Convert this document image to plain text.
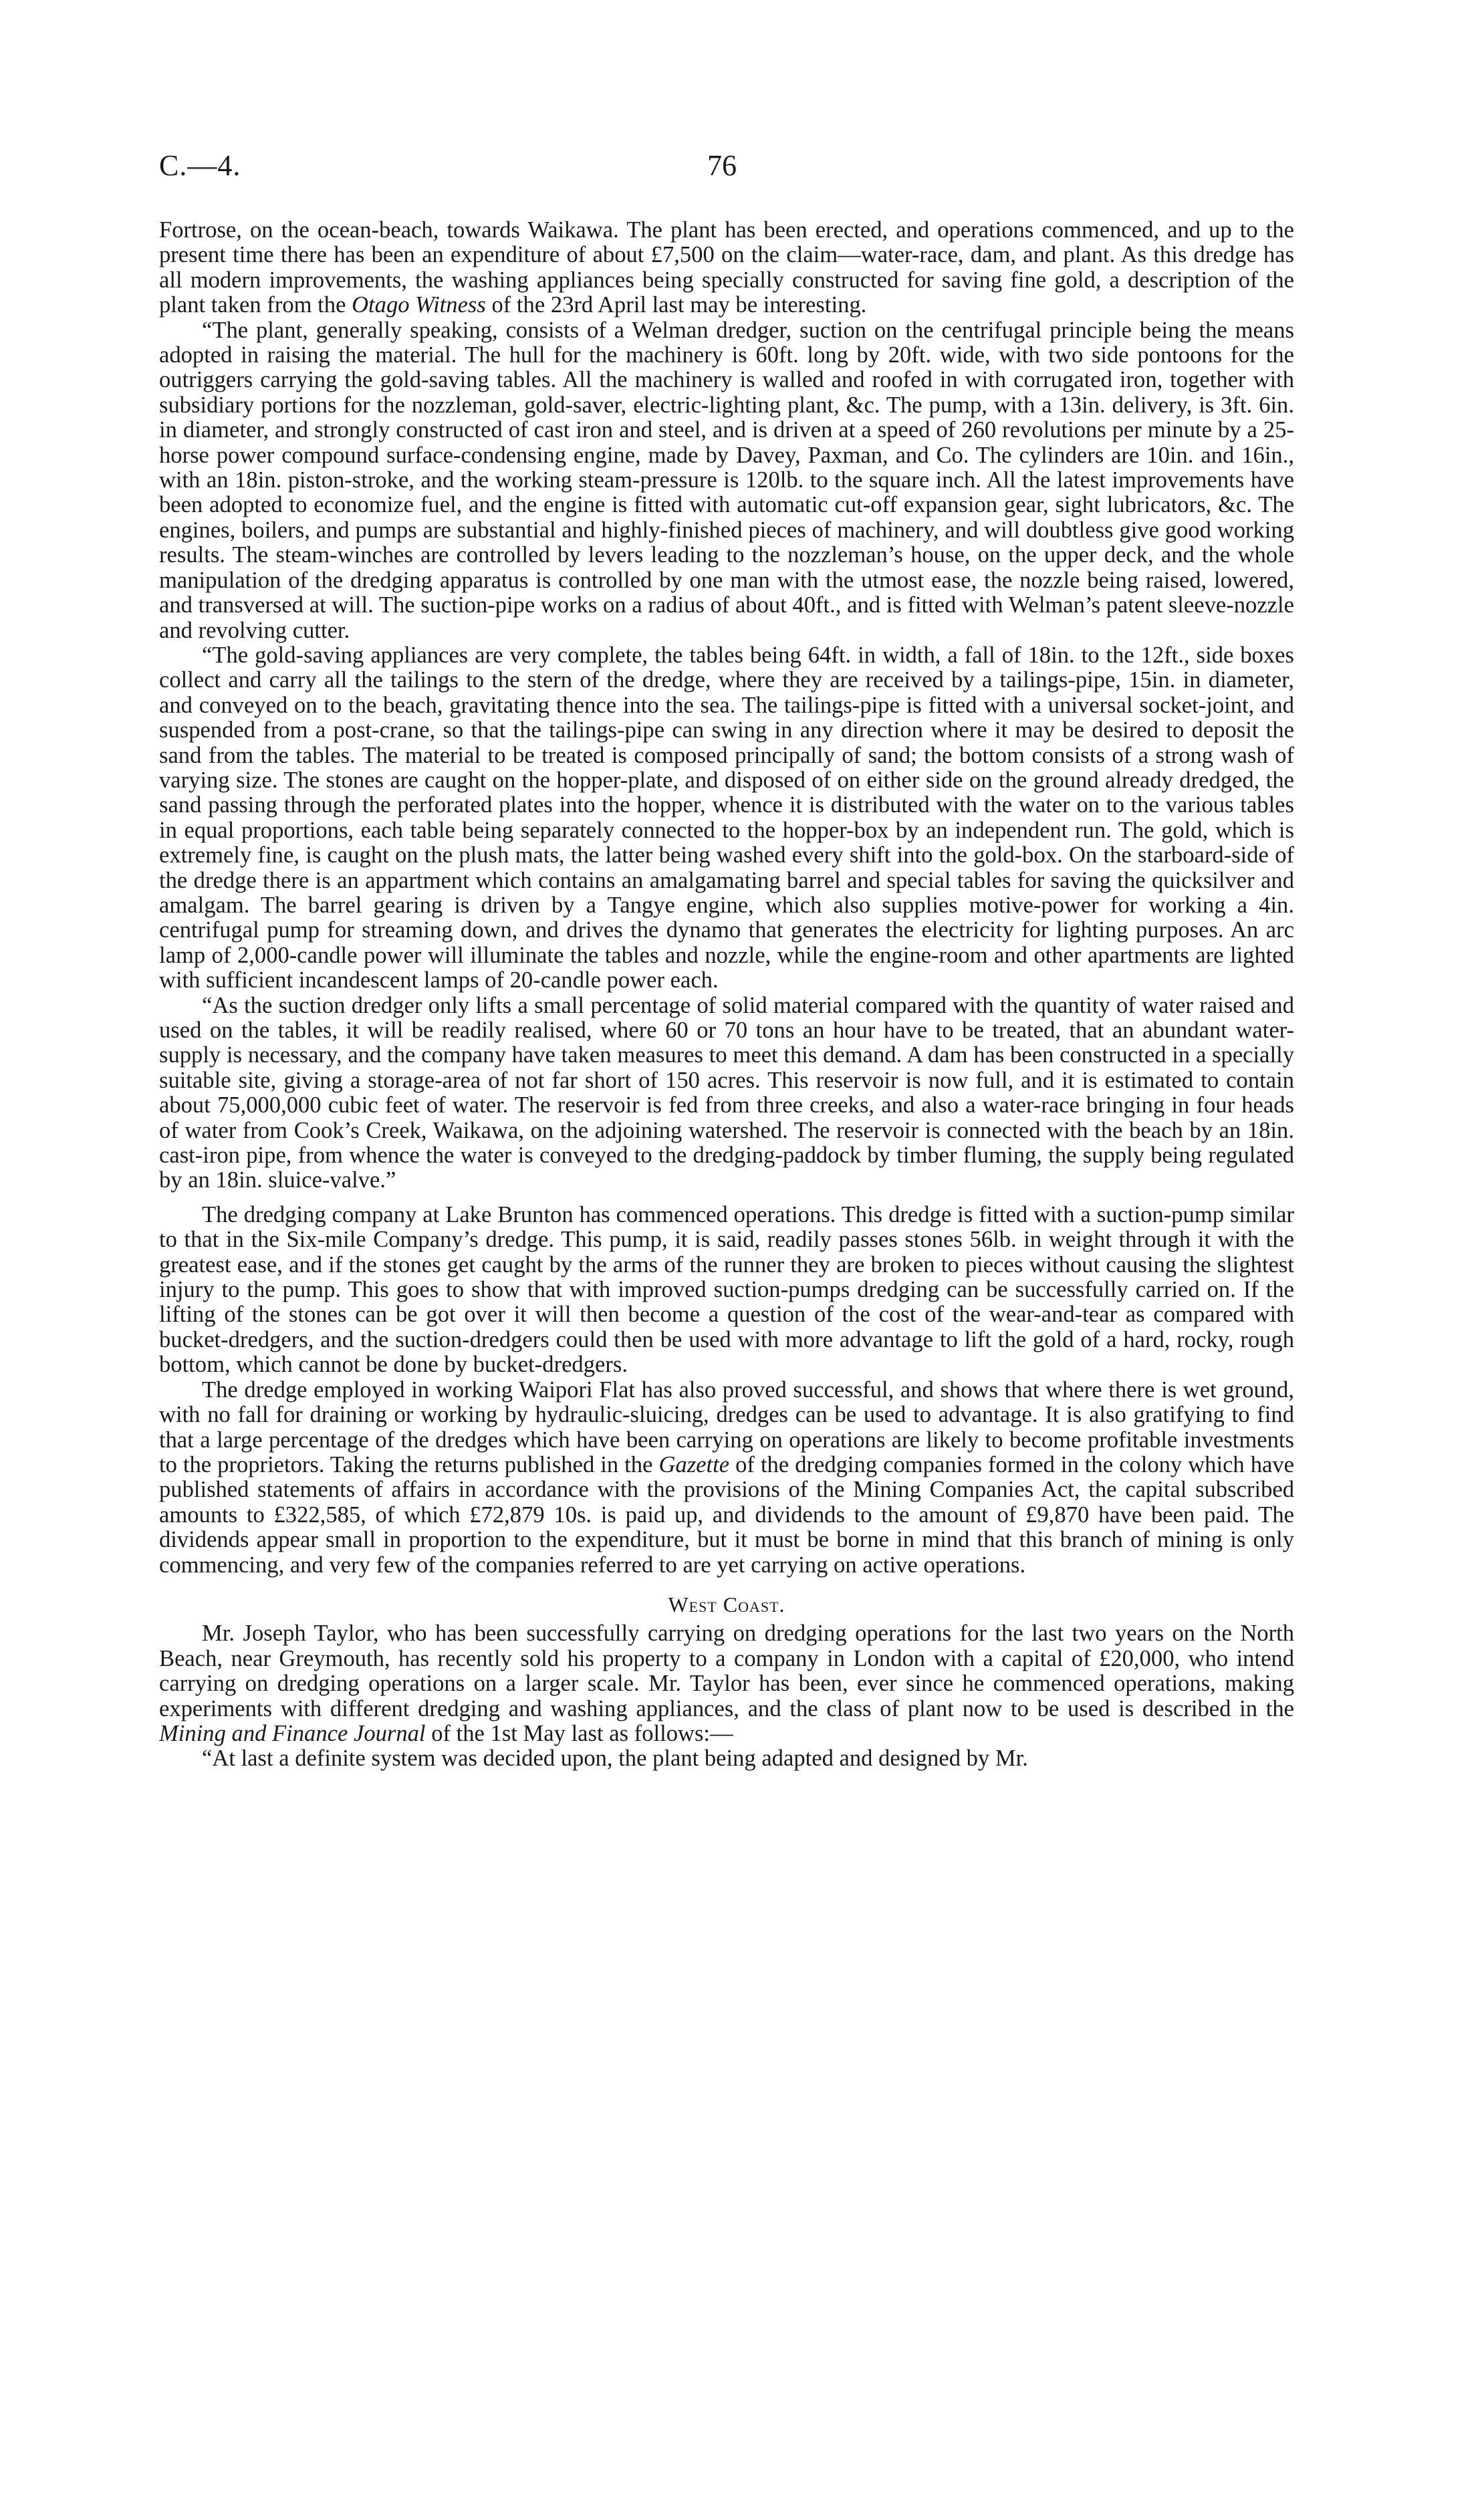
C.—4.	76

Fortrose, on the ocean-beach, towards Waikawa. The plant has been erected, and operations commenced, and up to the present time there has been an expenditure of about £7,500 on the claim—water-race, dam, and plant. As this dredge has all modern improvements, the washing appliances being specially constructed for saving fine gold, a description of the plant taken from the Otago Witness of the 23rd April last may be interesting.

“The plant, generally speaking, consists of a Welman dredger, suction on the centrifugal principle being the means adopted in raising the material. The hull for the machinery is 60ft. long by 20ft. wide, with two side pontoons for the outriggers carrying the gold-saving tables. All the machinery is walled and roofed in with corrugated iron, together with subsidiary portions for the nozzleman, gold-saver, electric-lighting plant, &c. The pump, with a 13in. delivery, is 3ft. 6in. in diameter, and strongly constructed of cast iron and steel, and is driven at a speed of 260 revolutions per minute by a 25-horse power compound surface-condensing engine, made by Davey, Paxman, and Co. The cylinders are 10in. and 16in., with an 18in. piston-stroke, and the working steam-pressure is 120lb. to the square inch. All the latest improvements have been adopted to economize fuel, and the engine is fitted with automatic cut-off expansion gear, sight lubricators, &c. The engines, boilers, and pumps are substantial and highly-finished pieces of machinery, and will doubtless give good working results. The steam-winches are controlled by levers leading to the nozzleman’s house, on the upper deck, and the whole manipulation of the dredging apparatus is controlled by one man with the utmost ease, the nozzle being raised, lowered, and transversed at will. The suction-pipe works on a radius of about 40ft., and is fitted with Welman’s patent sleeve-nozzle and revolving cutter.

“The gold-saving appliances are very complete, the tables being 64ft. in width, a fall of 18in. to the 12ft., side boxes collect and carry all the tailings to the stern of the dredge, where they are received by a tailings-pipe, 15in. in diameter, and conveyed on to the beach, gravitating thence into the sea. The tailings-pipe is fitted with a universal socket-joint, and suspended from a post-crane, so that the tailings-pipe can swing in any direction where it may be desired to deposit the sand from the tables. The material to be treated is composed principally of sand; the bottom consists of a strong wash of varying size. The stones are caught on the hopper-plate, and disposed of on either side on the ground already dredged, the sand passing through the perforated plates into the hopper, whence it is distributed with the water on to the various tables in equal proportions, each table being separately connected to the hopper-box by an independent run. The gold, which is extremely fine, is caught on the plush mats, the latter being washed every shift into the gold-box. On the starboard-side of the dredge there is an appartment which contains an amalgamating barrel and special tables for saving the quicksilver and amalgam. The barrel gearing is driven by a Tangye engine, which also supplies motive-power for working a 4in. centrifugal pump for streaming down, and drives the dynamo that generates the electricity for lighting purposes. An arc lamp of 2,000-candle power will illuminate the tables and nozzle, while the engine-room and other apartments are lighted with sufficient incandescent lamps of 20-candle power each.

“As the suction dredger only lifts a small percentage of solid material compared with the quantity of water raised and used on the tables, it will be readily realised, where 60 or 70 tons an hour have to be treated, that an abundant water-supply is necessary, and the company have taken measures to meet this demand. A dam has been constructed in a specially suitable site, giving a storage-area of not far short of 150 acres. This reservoir is now full, and it is estimated to contain about 75,000,000 cubic feet of water. The reservoir is fed from three creeks, and also a water-race bringing in four heads of water from Cook’s Creek, Waikawa, on the adjoining watershed. The reservoir is connected with the beach by an 18in. cast-iron pipe, from whence the water is conveyed to the dredging-paddock by timber fluming, the supply being regulated by an 18in. sluice-valve.”

The dredging company at Lake Brunton has commenced operations. This dredge is fitted with a suction-pump similar to that in the Six-mile Company’s dredge. This pump, it is said, readily passes stones 56lb. in weight through it with the greatest ease, and if the stones get caught by the arms of the runner they are broken to pieces without causing the slightest injury to the pump. This goes to show that with improved suction-pumps dredging can be successfully carried on. If the lifting of the stones can be got over it will then become a question of the cost of the wear-and-tear as compared with bucket-dredgers, and the suction-dredgers could then be used with more advantage to lift the gold of a hard, rocky, rough bottom, which cannot be done by bucket-dredgers.

The dredge employed in working Waipori Flat has also proved successful, and shows that where there is wet ground, with no fall for draining or working by hydraulic-sluicing, dredges can be used to advantage. It is also gratifying to find that a large percentage of the dredges which have been carrying on operations are likely to become profitable investments to the proprietors. Taking the returns published in the Gazette of the dredging companies formed in the colony which have published statements of affairs in accordance with the provisions of the Mining Companies Act, the capital subscribed amounts to £322,585, of which £72,879 10s. is paid up, and dividends to the amount of £9,870 have been paid. The dividends appear small in proportion to the expenditure, but it must be borne in mind that this branch of mining is only commencing, and very few of the companies referred to are yet carrying on active operations.

West Coast.

Mr. Joseph Taylor, who has been successfully carrying on dredging operations for the last two years on the North Beach, near Greymouth, has recently sold his property to a company in London with a capital of £20,000, who intend carrying on dredging operations on a larger scale. Mr. Taylor has been, ever since he commenced operations, making experiments with different dredging and washing appliances, and the class of plant now to be used is described in the Mining and Finance Journal of the 1st May last as follows:—

“At last a definite system was decided upon, the plant being adapted and designed by Mr.
